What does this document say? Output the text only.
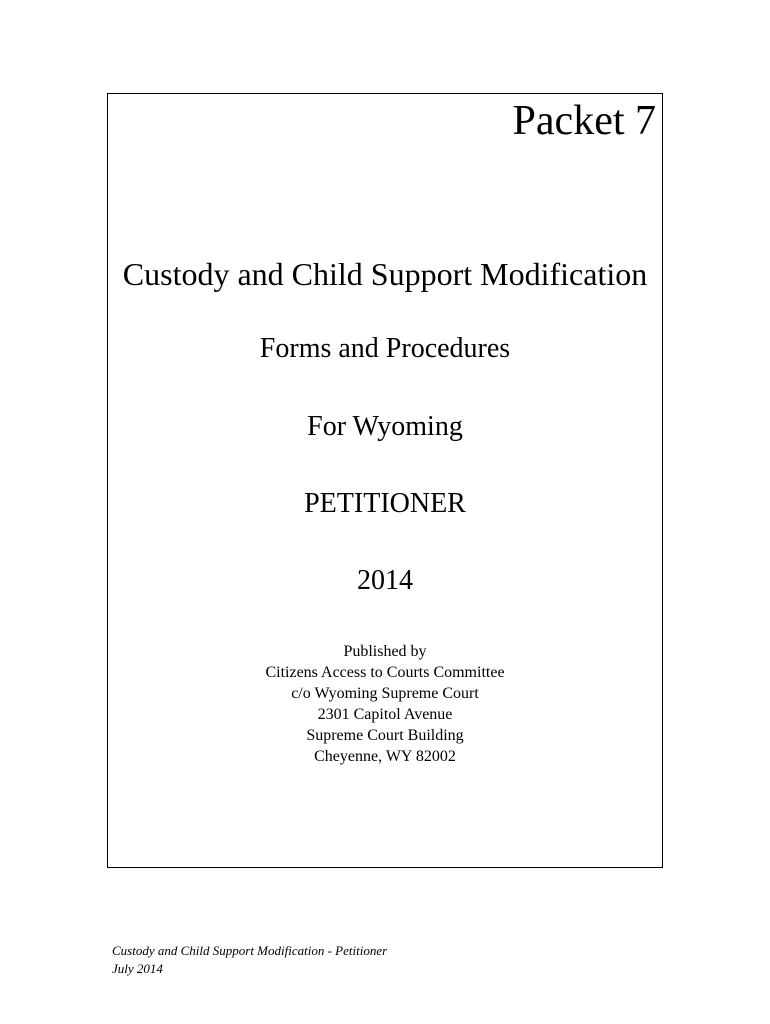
Packet 7
Custody and Child Support Modification
Forms and Procedures
For Wyoming
PETITIONER
2014
Published by
Citizens Access to Courts Committee
c/o Wyoming Supreme Court
2301 Capitol Avenue
Supreme Court Building
Cheyenne, WY 82002
Custody and Child Support Modification - Petitioner
July 2014
